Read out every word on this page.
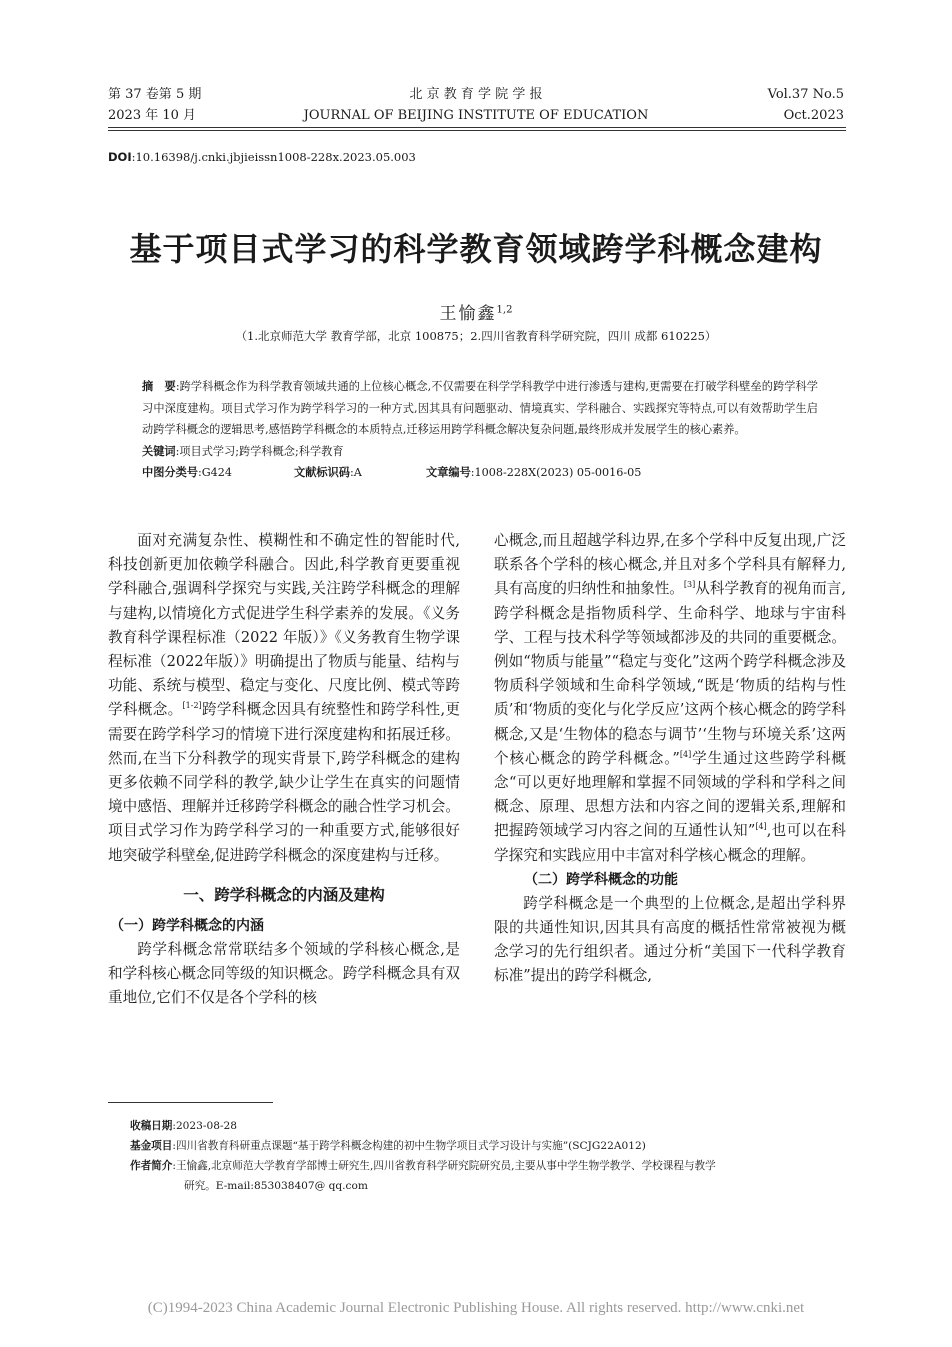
第 37 卷第 5 期
2023 年 10 月
北 京 教 育 学 院 学 报
JOURNAL OF BEIJING INSTITUTE OF EDUCATION
Vol.37 No.5
Oct.2023
DOI:10.16398/j.cnki.jbjieissn1008-228x.2023.05.003
基于项目式学习的科学教育领域跨学科概念建构
王愉鑫$^{1,2}$
（1.北京师范大学 教育学部，北京 100875；2.四川省教育科学研究院，四川 成都 610225）
摘　要:跨学科概念作为科学教育领域共通的上位核心概念,不仅需要在科学学科教学中进行渗透与建构,更需要在打破学科壁垒的跨学科学习中深度建构。项目式学习作为跨学科学习的一种方式,因其具有问题驱动、情境真实、学科融合、实践探究等特点,可以有效帮助学生启动跨学科概念的逻辑思考,感悟跨学科概念的本质特点,迁移运用跨学科概念解决复杂问题,最终形成并发展学生的核心素养。
关键词:项目式学习;跨学科概念;科学教育
中图分类号:G424	文献标识码:A	文章编号:1008-228X(2023) 05-0016-05

面对充满复杂性、模糊性和不确定性的智能时代,科技创新更加依赖学科融合。因此,科学教育更要重视学科融合,强调科学探究与实践,关注跨学科概念的理解与建构,以情境化方式促进学生科学素养的发展。《义务教育科学课程标准（2022 年版）》《义务教育生物学课程标准（2022年版）》明确提出了物质与能量、结构与功能、系统与模型、稳定与变化、尺度比例、模式等跨学科概念。[1-2]跨学科概念因具有统整性和跨学科性,更需要在跨学科学习的情境下进行深度建构和拓展迁移。然而,在当下分科教学的现实背景下,跨学科概念的建构更多依赖不同学科的教学,缺少让学生在真实的问题情境中感悟、理解并迁移跨学科概念的融合性学习机会。项目式学习作为跨学科学习的一种重要方式,能够很好地突破学科壁垒,促进跨学科概念的深度建构与迁移。

一、跨学科概念的内涵及建构
（一）跨学科概念的内涵

跨学科概念常常联结多个领域的学科核心概念,是和学科核心概念同等级的知识概念。跨学科概念具有双重地位,它们不仅是各个学科的核

心概念,而且超越学科边界,在多个学科中反复出现,广泛联系各个学科的核心概念,并且对多个学科具有解释力,具有高度的归纳性和抽象性。[3]从科学教育的视角而言,跨学科概念是指物质科学、生命科学、地球与宇宙科学、工程与技术科学等领域都涉及的共同的重要概念。例如“物质与能量”“稳定与变化”这两个跨学科概念涉及物质科学领域和生命科学领域,“既是‘物质的结构与性质’和‘物质的变化与化学反应’这两个核心概念的跨学科概念,又是‘生物体的稳态与调节’‘生物与环境关系’这两个核心概念的跨学科概念。”[4]学生通过这些跨学科概念“可以更好地理解和掌握不同领域的学科和学科之间概念、原理、思想方法和内容之间的逻辑关系,理解和把握跨领域学习内容之间的互通性认知”[4],也可以在科学探究和实践应用中丰富对科学核心概念的理解。

（二）跨学科概念的功能

跨学科概念是一个典型的上位概念,是超出学科界限的共通性知识,因其具有高度的概括性常常被视为概念学习的先行组织者。通过分析“美国下一代科学教育标准”提出的跨学科概念,

收稿日期:2023-08-28
基金项目:四川省教育科研重点课题“基于跨学科概念构建的初中生物学项目式学习设计与实施”(SCJG22A012)
作者简介:王愉鑫,北京师范大学教育学部博士研究生,四川省教育科学研究院研究员,主要从事中学生物学教学、学校课程与教学
研究。E-mail:853038407@ qq.com
(C)1994-2023 China Academic Journal Electronic Publishing House. All rights reserved. http://www.cnki.net
